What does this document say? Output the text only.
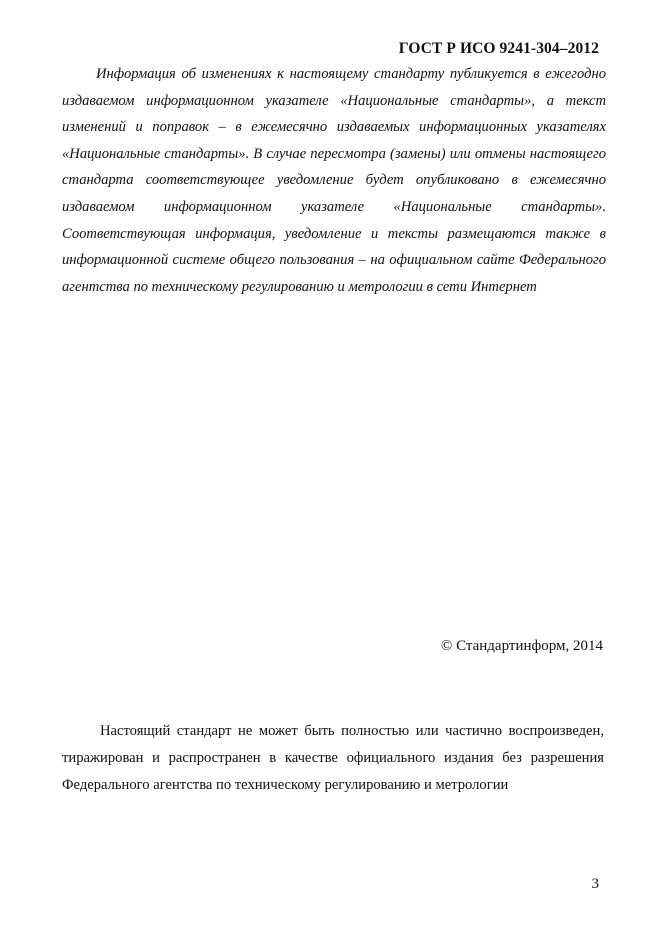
ГОСТ Р ИСО 9241-304–2012

Информация об изменениях к настоящему стандарту публикуется в ежегодно издаваемом информационном указателе «Национальные стандарты», а текст изменений и поправок – в ежемесячно издаваемых информационных указателях «Национальные стандарты». В случае пересмотра (замены) или отмены настоящего стандарта соответствующее уведомление будет опубликовано в ежемесячно издаваемом информационном указателе «Национальные стандарты». Соответствующая информация, уведомление и тексты размещаются также в информационной системе общего пользования – на официальном сайте Федерального агентства по техническому регулированию и метрологии в сети Интернет

© Стандартинформ, 2014

Настоящий стандарт не может быть полностью или частично воспроизведен, тиражирован и распространен в качестве официального издания без разрешения Федерального агентства по техническому регулированию и метрологии

3
